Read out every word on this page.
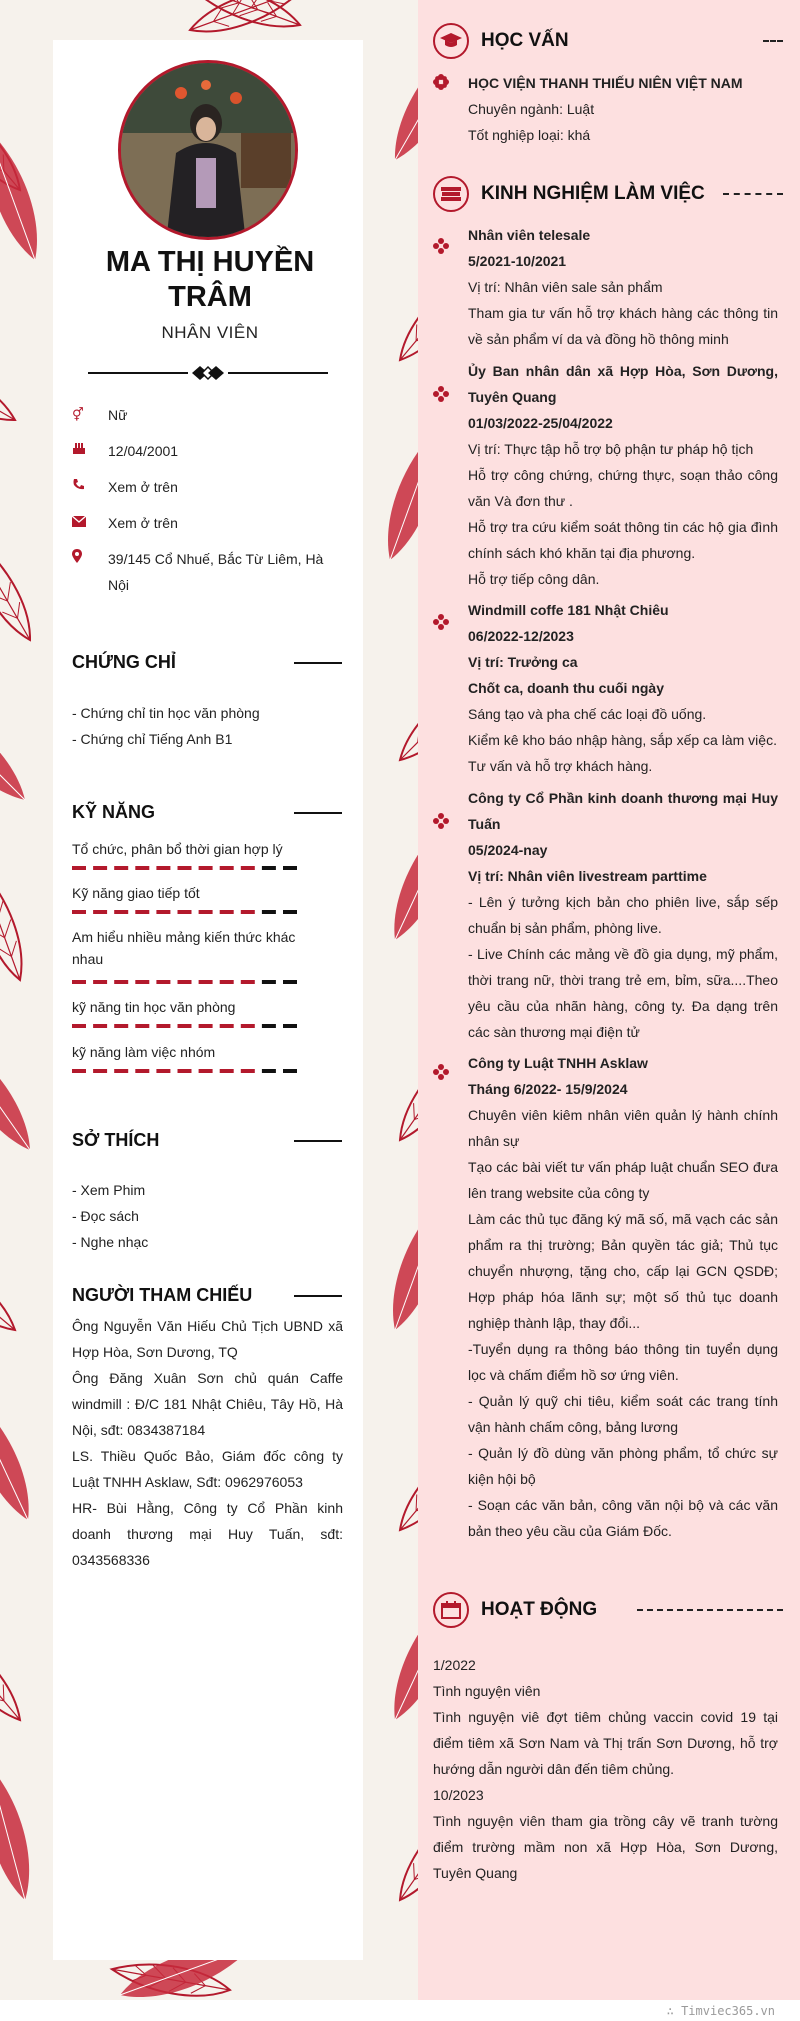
MA THỊ HUYỀN
TRÂM
NHÂN VIÊN
⚥	Nữ
12/04/2001
Xem ở trên
Xem ở trên
39/145 Cổ Nhuế, Bắc Từ Liêm, Hà Nội
CHỨNG CHỈ
- Chứng chỉ tin học văn phòng
- Chứng chỉ Tiếng Anh B1
KỸ NĂNG
Tổ chức, phân bổ thời gian hợp lý
Kỹ năng giao tiếp tốt
Am hiểu nhiều mảng kiến thức khác nhau
kỹ năng tin học văn phòng
kỹ năng làm việc nhóm
SỞ THÍCH
- Xem Phim
- Đọc sách
- Nghe nhạc
NGƯỜI THAM CHIẾU
Ông Nguyễn Văn Hiếu Chủ Tịch UBND xã Hợp Hòa, Sơn Dương, TQ
Ông Đăng Xuân Sơn chủ quán Caffe windmill : Đ/C 181 Nhật Chiêu, Tây Hồ, Hà Nội, sđt: 0834387184
LS. Thiều Quốc Bảo, Giám đốc công ty Luật TNHH Asklaw, Sđt: 0962976053
HR- Bùi Hằng, Công ty Cổ Phần kinh doanh thương mại Huy Tuấn, sđt: 0343568336
HỌC VẤN
HỌC VIỆN THANH THIẾU NIÊN VIỆT NAM
Chuyên ngành: Luật
Tốt nghiệp loại: khá
KINH NGHIỆM LÀM VIỆC
Nhân viên telesale
5/2021-10/2021
Vị trí: Nhân viên sale sản phẩm
Tham gia tư vấn hỗ trợ khách hàng các thông tin về sản phẩm ví da và đồng hồ thông minh
Ủy Ban nhân dân xã Hợp Hòa, Sơn Dương, Tuyên Quang
01/03/2022-25/04/2022
Vị trí: Thực tập hỗ trợ bộ phận tư pháp hộ tịch
Hỗ trợ công chứng, chứng thực, soạn thảo công văn Và đơn thư .
Hỗ trợ tra cứu kiểm soát thông tin các hộ gia đình chính sách khó khăn tại địa phương.
Hỗ trợ tiếp công dân.
Windmill coffe 181 Nhật Chiêu
06/2022-12/2023
Vị trí: Trưởng ca
Chốt ca, doanh thu cuối ngày
Sáng tạo và pha chế các loại đồ uống.
Kiểm kê kho báo nhập hàng, sắp xếp ca làm việc.
Tư vấn và hỗ trợ khách hàng.
Công ty Cổ Phần kinh doanh thương mại Huy Tuấn
05/2024-nay
Vị trí: Nhân viên livestream parttime
- Lên ý tưởng kịch bản cho phiên live, sắp sếp chuẩn bị sản phẩm, phòng live.
- Live Chính các mảng về đồ gia dụng, mỹ phẩm, thời trang nữ, thời trang trẻ em, bỉm, sữa....Theo yêu cầu của nhãn hàng, công ty. Đa dạng trên các sàn thương mại điện tử
Công ty Luật TNHH Asklaw
Tháng 6/2022- 15/9/2024
Chuyên viên kiêm nhân viên quản lý hành chính nhân sự
Tạo các bài viết tư vấn pháp luật chuẩn SEO đưa lên trang website của công ty
Làm các thủ tục đăng ký mã số, mã vạch các sản phẩm ra thị trường; Bản quyền tác giả; Thủ tục chuyển nhượng, tặng cho, cấp lại GCN QSDĐ; Hợp pháp hóa lãnh sự; một số thủ tục doanh nghiệp thành lập, thay đổi...
-Tuyển dụng ra thông báo thông tin tuyển dụng lọc và chấm điểm hồ sơ ứng viên.
- Quản lý quỹ chi tiêu, kiểm soát các trang tính vận hành chấm công, bảng lương
- Quản lý đồ dùng văn phòng phẩm, tổ chức sự kiện hội bộ
- Soạn các văn bản, công văn nội bộ và các văn bản theo yêu cầu của Giám Đốc.
HOẠT ĐỘNG
1/2022
Tình nguyện viên
Tình nguyện viê đợt tiêm chủng vaccin covid 19 tại điểm tiêm xã Sơn Nam và Thị trấn Sơn Dương, hỗ trợ hướng dẫn người dân đến tiêm chủng.
10/2023
Tình nguyện viên tham gia trồng cây vẽ tranh tường điểm trường mầm non xã Hợp Hòa, Sơn Dương, Tuyên Quang
∴ Timviec365.vn
